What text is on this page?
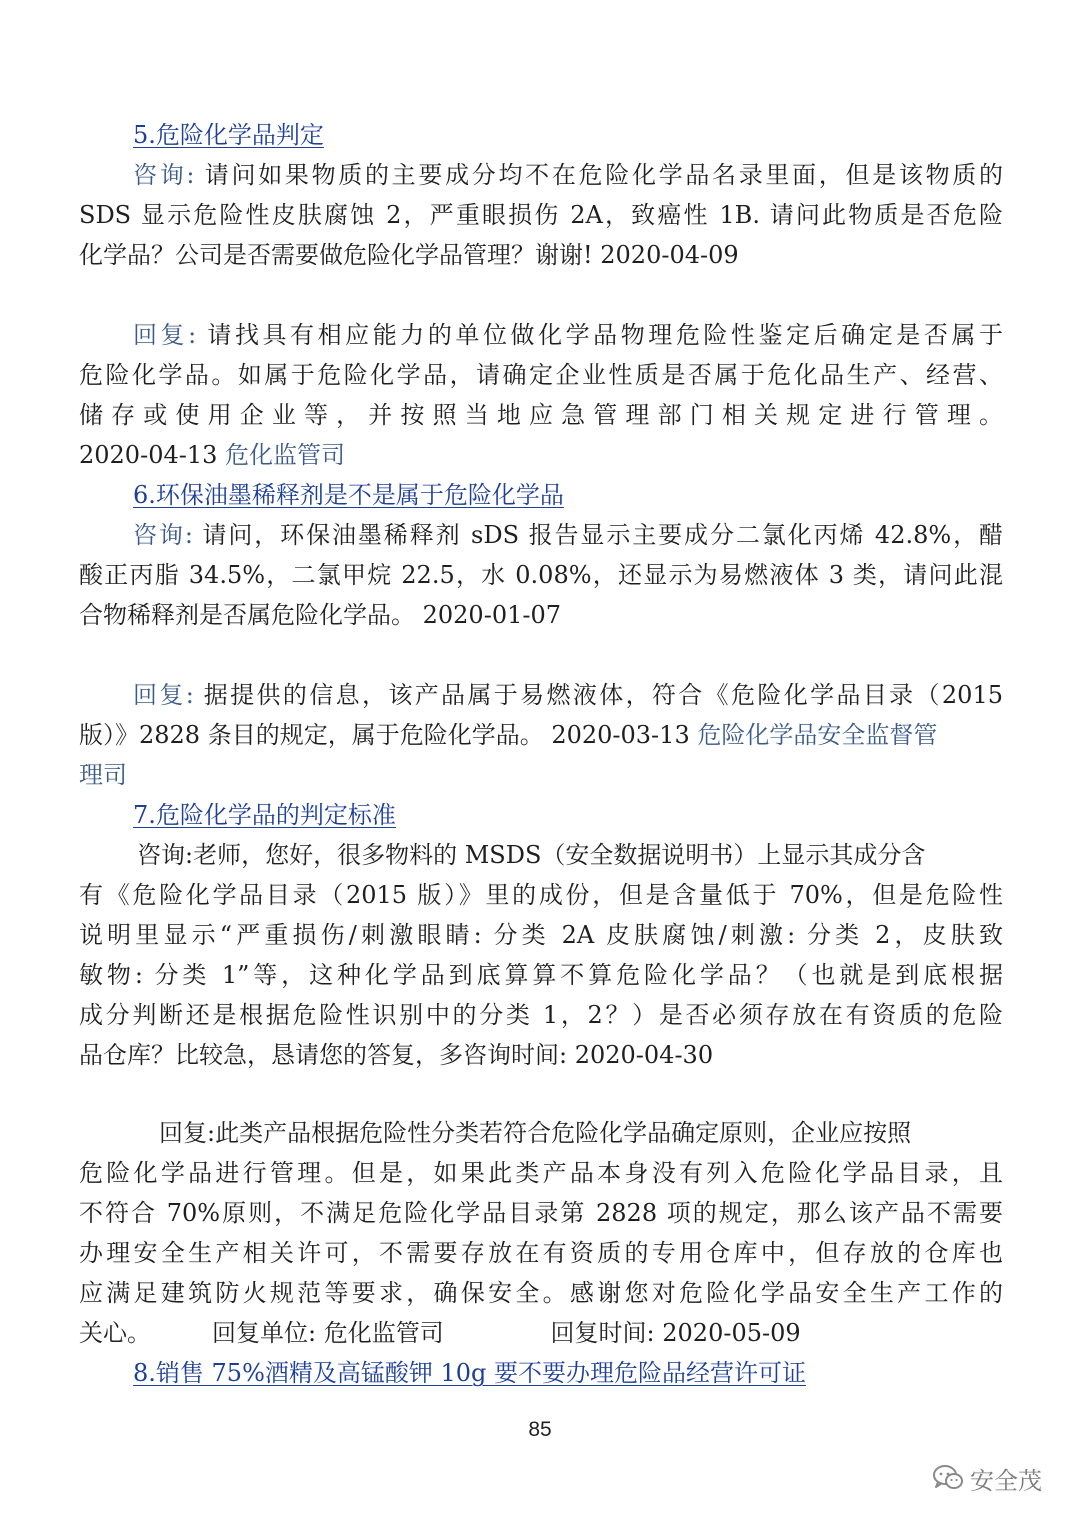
5.危险化学品判定
咨询: 请问如果物质的主要成分均不在危险化学品名录里面，但是该物质的
SDS 显示危险性皮肤腐蚀 2，严重眼损伤 2A，致癌性 1B. 请问此物质是否危险
化学品？公司是否需要做危险化学品管理？谢谢! 2020-04-09
回复: 请找具有相应能力的单位做化学品物理危险性鉴定后确定是否属于
危险化学品。如属于危险化学品，请确定企业性质是否属于危化品生产、经营、
储存或使用企业等，并按照当地应急管理部门相关规定进行管理。
2020-04-13 危化监管司
6.环保油墨稀释剂是不是属于危险化学品
咨询: 请问，环保油墨稀释剂 sDS 报告显示主要成分二氯化丙烯 42.8%，醋
酸正丙脂 34.5%，二氯甲烷 22.5，水 0.08%，还显示为易燃液体 3 类，请问此混
合物稀释剂是否属危险化学品。 2020-01-07
回复: 据提供的信息，该产品属于易燃液体，符合《危险化学品目录（2015
版）》2828 条目的规定，属于危险化学品。 2020-03-13 危险化学品安全监督管
理司
7.危险化学品的判定标准
咨询:老师，您好，很多物料的 MSDS（安全数据说明书）上显示其成分含
有《危险化学品目录（2015 版）》里的成份，但是含量低于 70%，但是危险性
说明里显示“严重损伤/刺激眼睛: 分类 2A 皮肤腐蚀/刺激: 分类 2，皮肤致
敏物: 分类 1”等，这种化学品到底算算不算危险化学品？（也就是到底根据
成分判断还是根据危险性识别中的分类 1，2？）是否必须存放在有资质的危险
品仓库？比较急，恳请您的答复，多咨询时间: 2020-04-30
回复:此类产品根据危险性分类若符合危险化学品确定原则，企业应按照
危险化学品进行管理。但是，如果此类产品本身没有列入危险化学品目录，且
不符合 70%原则，不满足危险化学品目录第 2828 项的规定，那么该产品不需要
办理安全生产相关许可，不需要存放在有资质的专用仓库中，但存放的仓库也
应满足建筑防火规范等要求，确保安全。感谢您对危险化学品安全生产工作的
关心。        回复单位: 危化监管司              回复时间: 2020-05-09
8.销售 75%酒精及高锰酸钾 10g 要不要办理危险品经营许可证
85
安全茂
